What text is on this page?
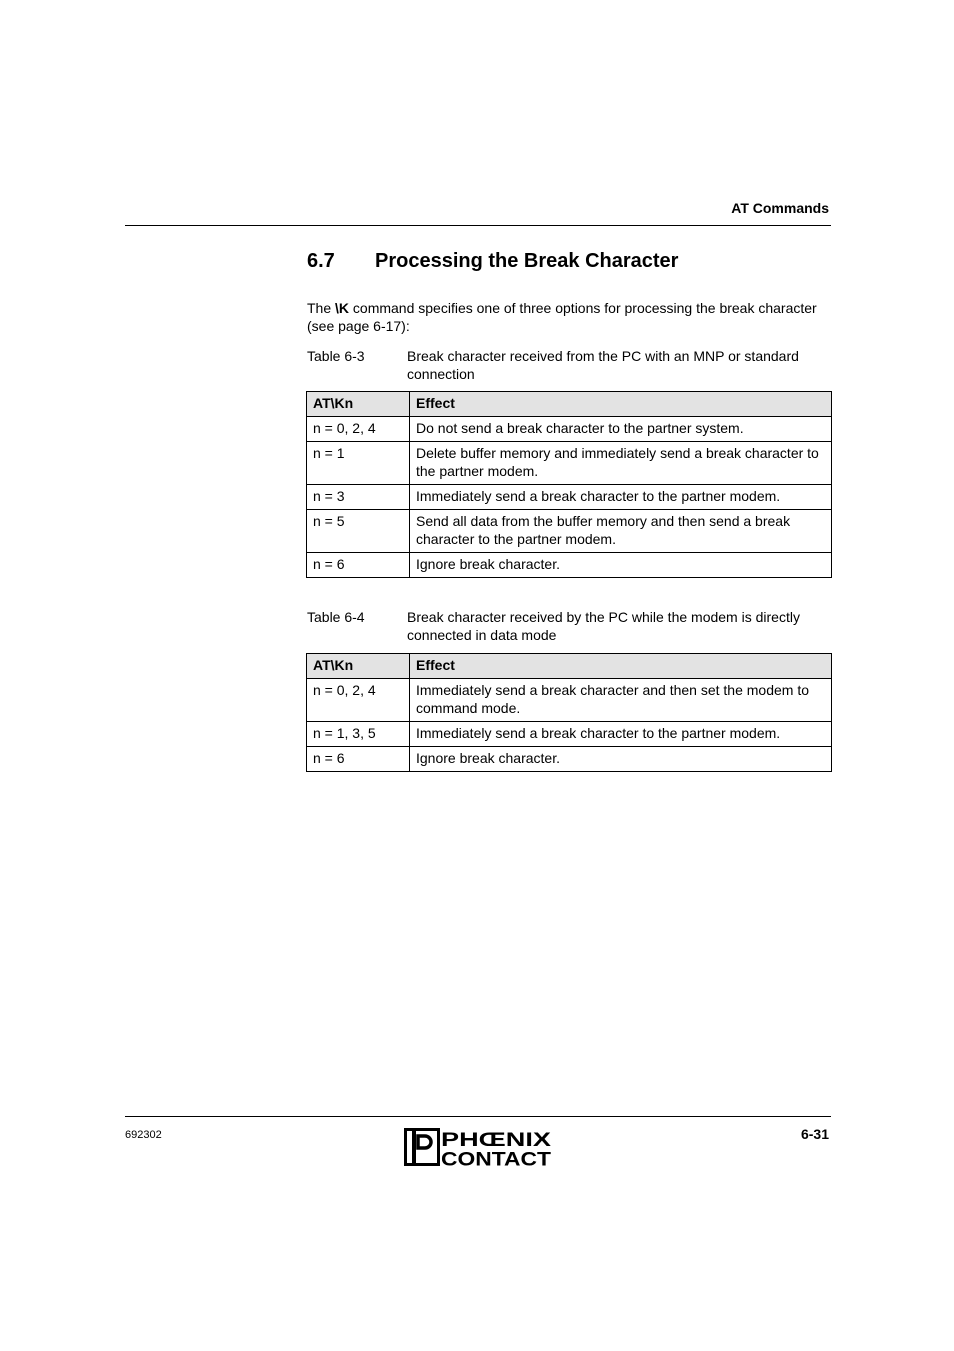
AT Commands
6.7 Processing the Break Character
The \K command specifies one of three options for processing the break character (see page 6-17):
Table 6-3	Break character received from the PC with an MNP or standard connection
AT\Kn	Effect
n = 0, 2, 4	Do not send a break character to the partner system.
n = 1	Delete buffer memory and immediately send a break character to the partner modem.
n = 3	Immediately send a break character to the partner modem.
n = 5	Send all data from the buffer memory and then send a break character to the partner modem.
n = 6	Ignore break character.
Table 6-4	Break character received by the PC while the modem is directly connected in data mode
AT\Kn	Effect
n = 0, 2, 4	Immediately send a break character and then set the modem to command mode.
n = 1, 3, 5	Immediately send a break character to the partner modem.
n = 6	Ignore break character.
692302	6-31
PHŒNIX
CONTACT
